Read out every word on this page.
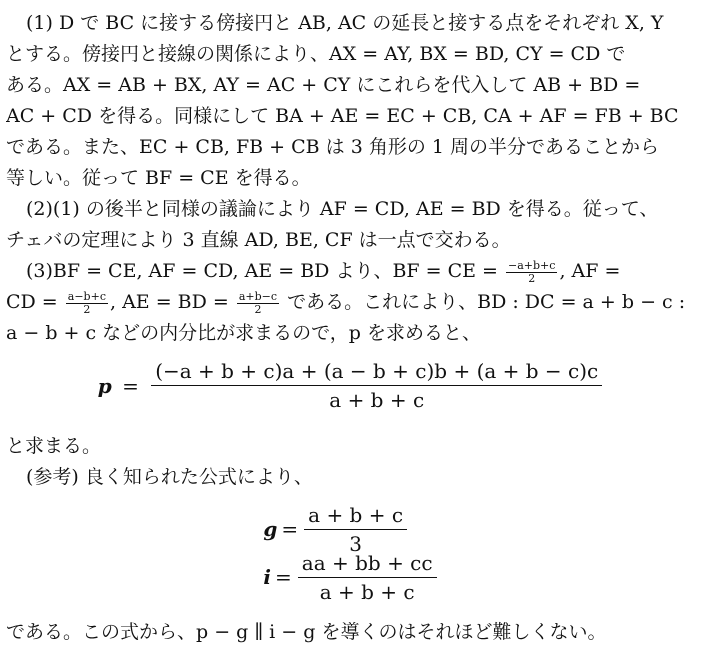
(1) D で BC に接する傍接円と AB, AC の延長と接する点をそれぞれ X, Y
とする。傍接円と接線の関係により、AX = AY, BX = BD, CY = CD で
ある。AX = AB + BX, AY = AC + CY にこれらを代入して AB + BD =
AC + CD を得る。同様にして BA + AE = EC + CB, CA + AF = FB + BC
である。また、EC + CB, FB + CB は 3 角形の 1 周の半分であることから
等しい。従って BF = CE を得る。
(2)(1) の後半と同様の議論により AF = CD, AE = BD を得る。従って、
チェバの定理により 3 直線 AD, BE, CF は一点で交わる。
(3)BF = CE, AF = CD, AE = BD より、BF = CE = $\frac{-a+b+c}{2}$ , AF =
CD = $\frac{a-b+c}{2}$ , AE = BD = $\frac{a+b-c}{2}$ である。これにより、BD : DC = a + b − c :
a − b + c などの内分比が求まるので，p を求めると、
$p = \frac{(-a + b + c)a + (a - b + c)b + (a + b - c)c}{a + b + c}$
と求まる。
(参考) 良く知られた公式により、
$g = \frac{a + b + c}{3}$
$i = \frac{aa + bb + cc}{a + b + c}$
である。この式から、p − g ∥ i − g を導くのはそれほど難しくない。
